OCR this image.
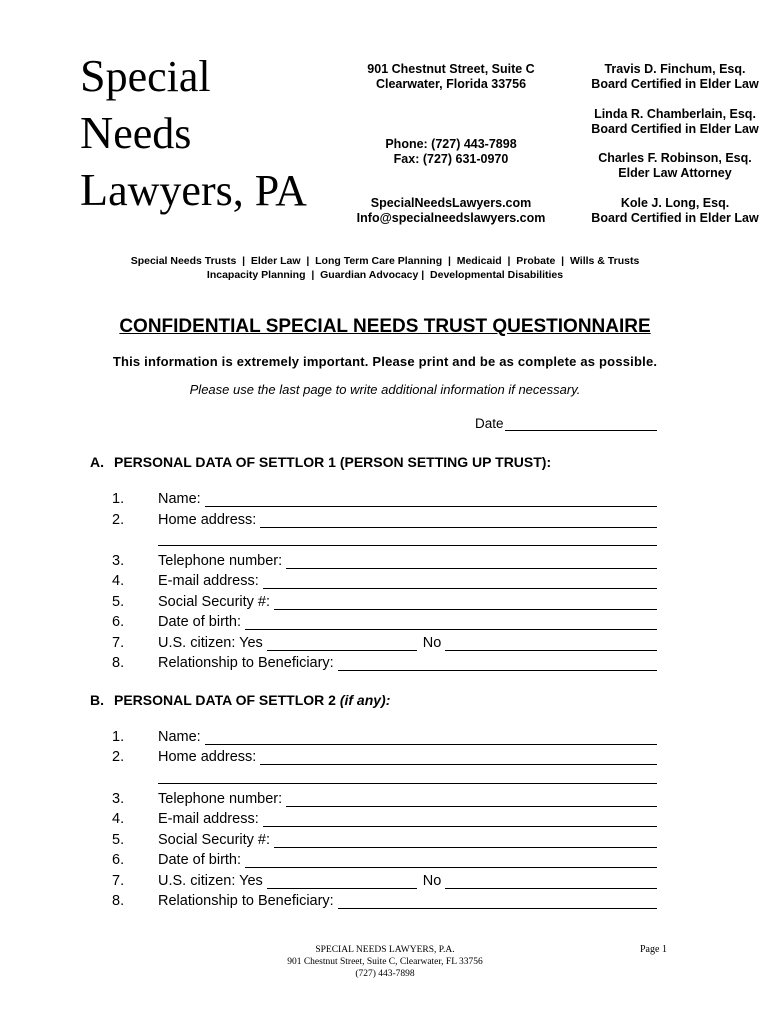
Special
Needs
Lawyers, PA
901 Chestnut Street, Suite C
Clearwater, Florida 33756
Phone: (727) 443-7898
Fax: (727) 631-0970
SpecialNeedsLawyers.com
Info@specialneedslawyers.com
Travis D. Finchum, Esq.
Board Certified in Elder Law
Linda R. Chamberlain, Esq.
Board Certified in Elder Law
Charles F. Robinson, Esq.
Elder Law Attorney
Kole J. Long, Esq.
Board Certified in Elder Law
Special Needs Trusts  |  Elder Law  |  Long Term Care Planning  |  Medicaid  |  Probate  |  Wills & Trusts
Incapacity Planning  |  Guardian Advocacy |  Developmental Disabilities
CONFIDENTIAL SPECIAL NEEDS TRUST QUESTIONNAIRE
This information is extremely important. Please print and be as complete as possible.
Please use the last page to write additional information if necessary.
Date
A. PERSONAL DATA OF SETTLOR 1 (PERSON SETTING UP TRUST):
1.	Name:
2.	Home address:
3.	Telephone number:
4.	E-mail address:
5.	Social Security #:
6.	Date of birth:
7.	U.S. citizen: Yes	No
8.	Relationship to Beneficiary:
B. PERSONAL DATA OF SETTLOR 2 (if any):
1.	Name:
2.	Home address:
3.	Telephone number:
4.	E-mail address:
5.	Social Security #:
6.	Date of birth:
7.	U.S. citizen: Yes	No
8.	Relationship to Beneficiary:
SPECIAL NEEDS LAWYERS, P.A.
901 Chestnut Street, Suite C, Clearwater, FL 33756
(727) 443-7898
Page 1
